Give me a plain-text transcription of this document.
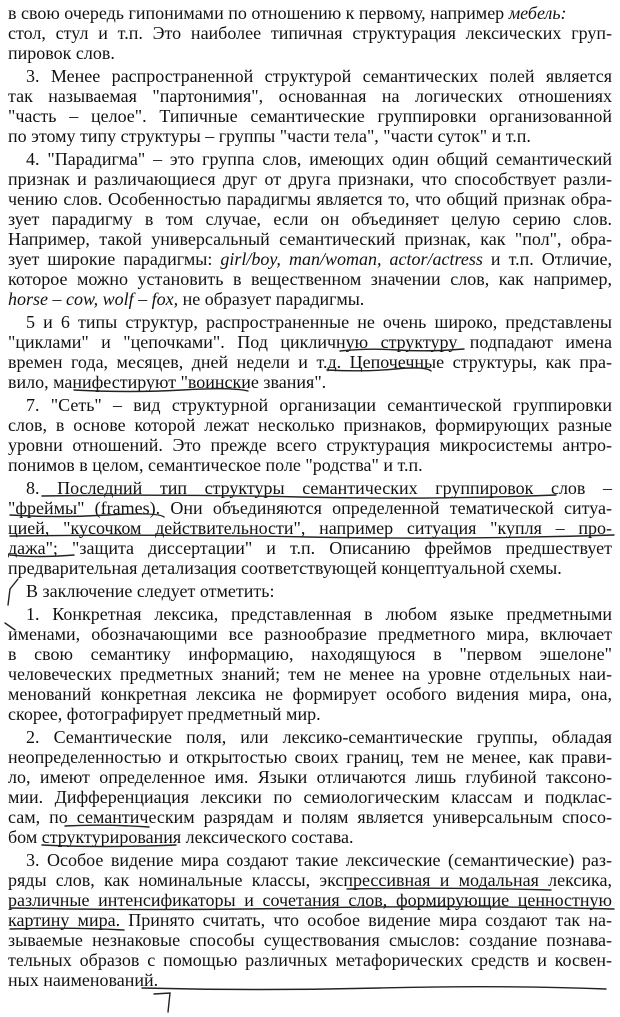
в свою очередь гипонимами по отношению к первому, например мебель:
стол, стул и т.п. Это наиболее типичная структурация лексических груп-
пировок слов.
3. Менее распространенной структурой семантических полей является
так называемая "партонимия", основанная на логических отношениях
"часть – целое". Типичные семантические группировки организованной
по этому типу структуры – группы "части тела", "части суток" и т.п.
4. "Парадигма" – это группа слов, имеющих один общий семантический
признак и различающиеся друг от друга признаки, что способствует разли-
чению слов. Особенностью парадигмы является то, что общий признак обра-
зует парадигму в том случае, если он объединяет целую серию слов.
Например, такой универсальный семантический признак, как "пол", обра-
зует широкие парадигмы: girl/boy, man/woman, actor/actress и т.п. Отличие,
которое можно установить в вещественном значении слов, как например,
horse – cow, wolf – fox, не образует парадигмы.
5 и 6 типы структур, распространенные не очень широко, представлены
"циклами" и "цепочками". Под цикличную структуру подпадают имена
времен года, месяцев, дней недели и т.д. Цепочечные структуры, как пра-
вило, манифестируют "воинские звания".
7. "Сеть" – вид структурной организации семантической группировки
слов, в основе которой лежат несколько признаков, формирующих разные
уровни отношений. Это прежде всего структурация микросистемы антро-
понимов в целом, семантическое поле "родства" и т.п.
8. Последний тип структуры семантических группировок слов –
"фреймы" (frames). Они объединяются определенной тематической ситуа-
цией, "кусочком действительности", например ситуация "купля – про-
дажа"; "защита диссертации" и т.п. Описанию фреймов предшествует
предварительная детализация соответствующей концептуальной схемы.
В заключение следует отметить:
1. Конкретная лексика, представленная в любом языке предметными
именами, обозначающими все разнообразие предметного мира, включает
в свою семантику информацию, находящуюся в "первом эшелоне"
человеческих предметных знаний; тем не менее на уровне отдельных наи-
менований конкретная лексика не формирует особого видения мира, она,
скорее, фотографирует предметный мир.
2. Семантические поля, или лексико-семантические группы, обладая
неопределенностью и открытостью своих границ, тем не менее, как прави-
ло, имеют определенное имя. Языки отличаются лишь глубиной таксоно-
мии. Дифференциация лексики по семиологическим классам и подклас-
сам, по семантическим разрядам и полям является универсальным спосо-
бом структурирования лексического состава.
3. Особое видение мира создают такие лексические (семантические) раз-
ряды слов, как номинальные классы, экспрессивная и модальная лексика,
различные интенсификаторы и сочетания слов, формирующие ценностную
картину мира. Принято считать, что особое видение мира создают так на-
зываемые незнаковые способы существования смыслов: создание познава-
тельных образов с помощью различных метафорических средств и косвен-
ных наименований.
